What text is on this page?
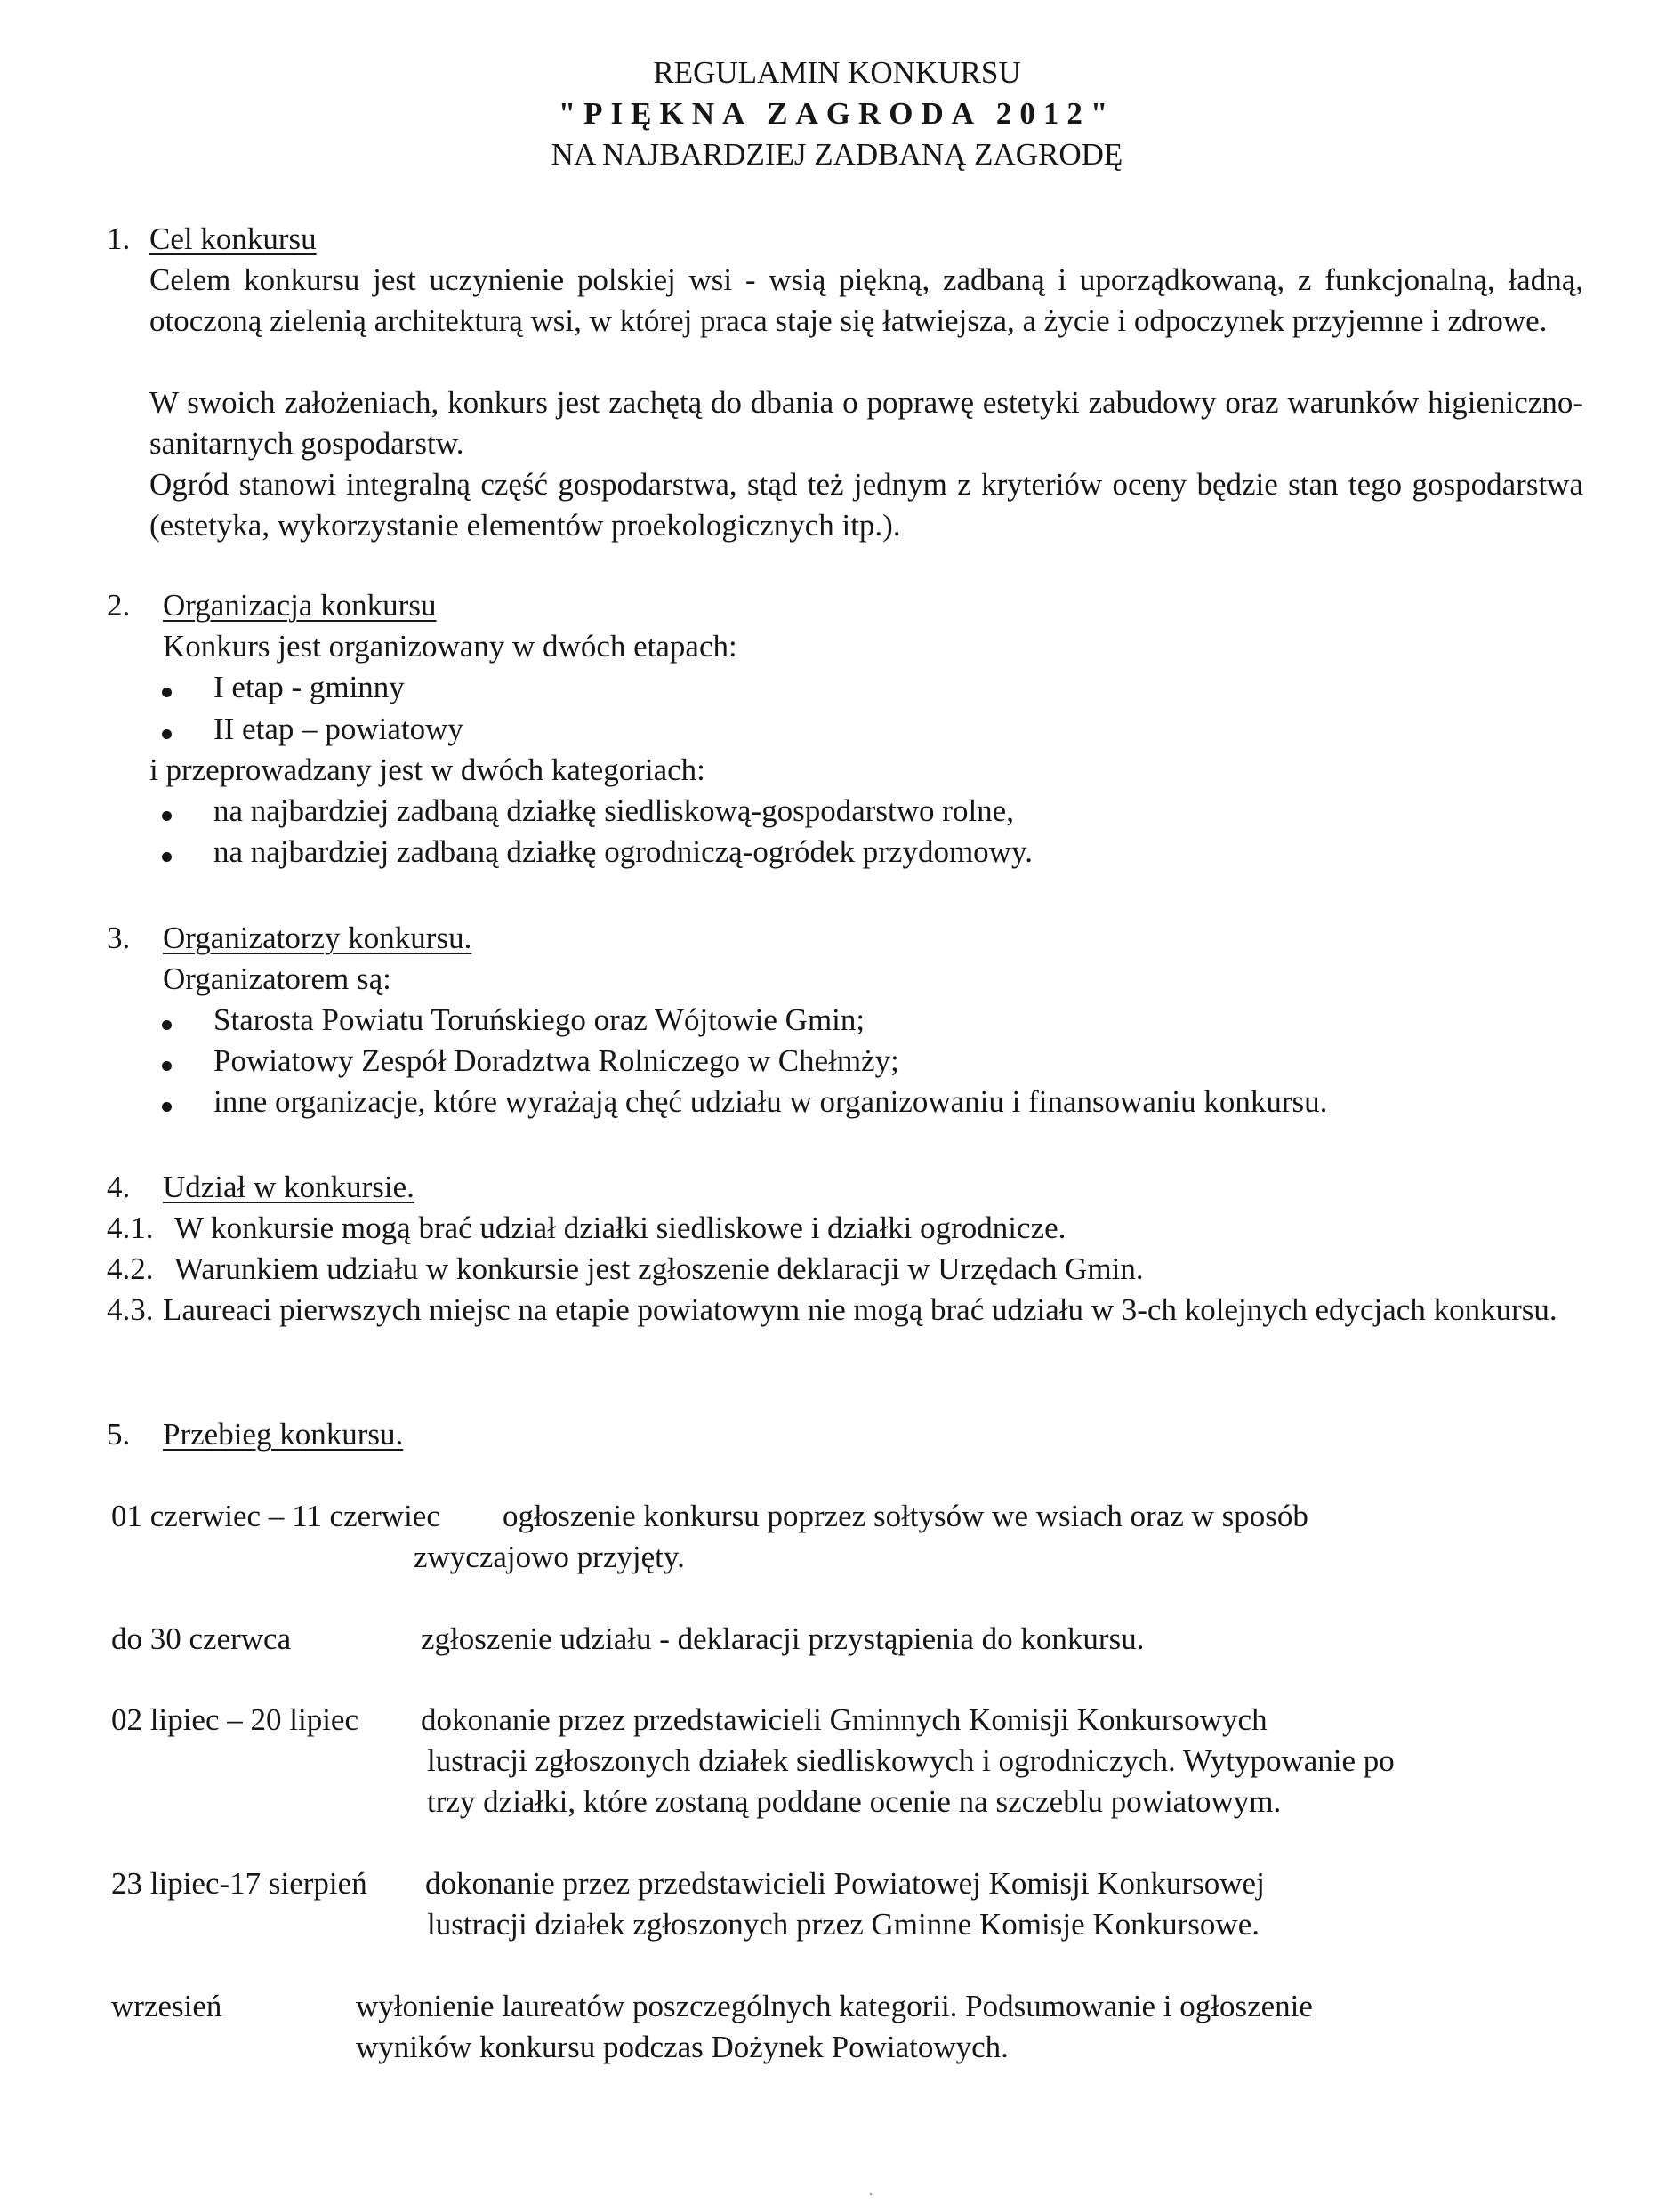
REGULAMIN KONKURSU
"PIĘKNA ZAGRODA 2012"
NA NAJBARDZIEJ ZADBANĄ ZAGRODĘ
1. Cel konkursu
Celem konkursu jest uczynienie polskiej wsi - wsią piękną, zadbaną i uporządkowaną, z funkcjonalną, ładną, otoczoną zielenią architekturą wsi, w której praca staje się łatwiejsza, a życie i odpoczynek przyjemne i zdrowe.
W swoich założeniach, konkurs jest zachętą do dbania o poprawę estetyki zabudowy oraz warunków higieniczno-sanitarnych gospodarstw.
Ogród stanowi integralną część gospodarstwa, stąd też jednym z kryteriów oceny będzie stan tego gospodarstwa (estetyka, wykorzystanie elementów proekologicznych itp.).
2. Organizacja konkursu
Konkurs jest organizowany w dwóch etapach:
I etap - gminny
II etap – powiatowy
i przeprowadzany jest w dwóch kategoriach:
na najbardziej zadbaną działkę siedliskową-gospodarstwo rolne,
na najbardziej zadbaną działkę ogrodniczą-ogródek przydomowy.
3. Organizatorzy konkursu.
Organizatorem są:
Starosta Powiatu Toruńskiego oraz Wójtowie Gmin;
Powiatowy Zespół Doradztwa Rolniczego w Chełmży;
inne organizacje, które wyrażają chęć udziału w organizowaniu i finansowaniu konkursu.
4. Udział w konkursie.
4.1. W konkursie mogą brać udział działki siedliskowe i działki ogrodnicze.
4.2. Warunkiem udziału w konkursie jest zgłoszenie deklaracji w Urzędach Gmin.
4.3. Laureaci pierwszych miejsc na etapie powiatowym nie mogą brać udziału w 3-ch kolejnych edycjach konkursu.
5. Przebieg konkursu.
01 czerwiec – 11 czerwiec ogłoszenie konkursu poprzez sołtysów we wsiach oraz w sposób
zwyczajowo przyjęty.
do 30 czerwca	zgłoszenie udziału - deklaracji przystąpienia do konkursu.
02 lipiec – 20 lipiec dokonanie przez przedstawicieli Gminnych Komisji Konkursowych
lustracji zgłoszonych działek siedliskowych i ogrodniczych. Wytypowanie po
trzy działki, które zostaną poddane ocenie na szczeblu powiatowym.
23 lipiec-17 sierpień dokonanie przez przedstawicieli Powiatowej Komisji Konkursowej
lustracji działek zgłoszonych przez Gminne Komisje Konkursowe.
wrzesień	wyłonienie laureatów poszczególnych kategorii. Podsumowanie i ogłoszenie
wyników konkursu podczas Dożynek Powiatowych.
